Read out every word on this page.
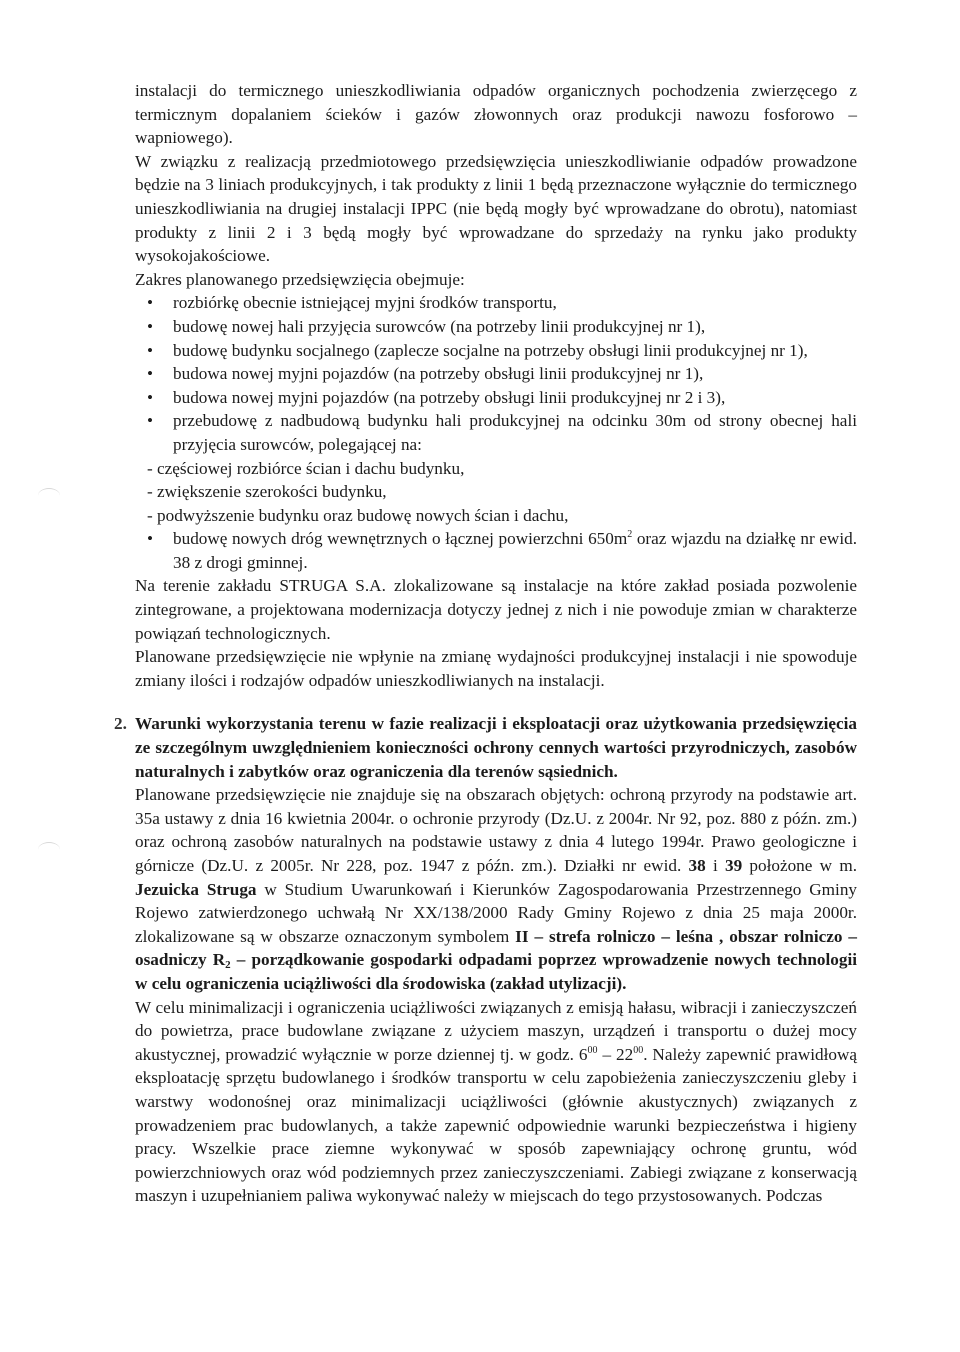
instalacji do termicznego unieszkodliwiania odpadów organicznych pochodzenia zwierzęcego z termicznym dopalaniem ścieków i gazów złowonnych oraz produkcji nawozu fosforowo – wapniowego).

W związku z realizacją przedmiotowego przedsięwzięcia unieszkodliwianie odpadów prowadzone będzie na 3 liniach produkcyjnych, i tak produkty z linii 1 będą przeznaczone wyłącznie do termicznego unieszkodliwiania na drugiej instalacji IPPC (nie będą mogły być wprowadzane do obrotu), natomiast produkty z linii 2 i 3 będą mogły być wprowadzane do sprzedaży na rynku jako produkty wysokojakościowe.

Zakres planowanego przedsięwzięcia obejmuje:

• rozbiórkę obecnie istniejącej myjni środków transportu,
• budowę nowej hali przyjęcia surowców (na potrzeby linii produkcyjnej nr 1),
• budowę budynku socjalnego (zaplecze socjalne na potrzeby obsługi linii produkcyjnej nr 1),
• budowa nowej myjni pojazdów (na potrzeby obsługi linii produkcyjnej nr 1),
• budowa nowej myjni pojazdów (na potrzeby obsługi linii produkcyjnej nr 2 i 3),
• przebudowę z nadbudową budynku hali produkcyjnej na odcinku 30m od strony obecnej hali przyjęcia surowców, polegającej na:

- częściowej rozbiórce ścian i dachu budynku,

- zwiększenie szerokości budynku,

- podwyższenie budynku oraz budowę nowych ścian i dachu,

• budowę nowych dróg wewnętrznych o łącznej powierzchni $650m^2$ oraz wjazdu na działkę nr ewid. 38 z drogi gminnej.

Na terenie zakładu STRUGA S.A. zlokalizowane są instalacje na które zakład posiada pozwolenie zintegrowane, a projektowana modernizacja dotyczy jednej z nich i nie powoduje zmian w charakterze powiązań technologicznych.

Planowane przedsięwzięcie nie wpłynie na zmianę wydajności produkcyjnej instalacji i nie spowoduje zmiany ilości i rodzajów odpadów unieszkodliwianych na instalacji.

2. Warunki wykorzystania terenu w fazie realizacji i eksploatacji oraz użytkowania przedsięwzięcia ze szczególnym uwzględnieniem konieczności ochrony cennych wartości przyrodniczych, zasobów naturalnych i zabytków oraz ograniczenia dla terenów sąsiednich.

Planowane przedsięwzięcie nie znajduje się na obszarach objętych: ochroną przyrody na podstawie art. 35a ustawy z dnia 16 kwietnia 2004r. o ochronie przyrody (Dz.U. z 2004r. Nr 92, poz. 880 z późn. zm.) oraz ochroną zasobów naturalnych na podstawie ustawy z dnia 4 lutego 1994r. Prawo geologiczne i górnicze (Dz.U. z 2005r. Nr 228, poz. 1947 z późn. zm.). Działki nr ewid. 38 i 39 położone w m. Jezuicka Struga w Studium Uwarunkowań i Kierunków Zagospodarowania Przestrzennego Gminy Rojewo zatwierdzonego uchwałą Nr XX/138/2000 Rady Gminy Rojewo z dnia 25 maja 2000r. zlokalizowane są w obszarze oznaczonym symbolem II – strefa rolniczo – leśna , obszar rolniczo – osadniczy $R_2$ – porządkowanie gospodarki odpadami poprzez wprowadzenie nowych technologii w celu ograniczenia uciążliwości dla środowiska (zakład utylizacji).

W celu minimalizacji i ograniczenia uciążliwości związanych z emisją hałasu, wibracji i zanieczyszczeń do powietrza, prace budowlane związane z użyciem maszyn, urządzeń i transportu o dużej mocy akustycznej, prowadzić wyłącznie w porze dziennej tj. w godz. $6^{00} - 22^{00}$. Należy zapewnić prawidłową eksploatację sprzętu budowlanego i środków transportu w celu zapobieżenia zanieczyszczeniu gleby i warstwy wodonośnej oraz minimalizacji uciążliwości (głównie akustycznych) związanych z prowadzeniem prac budowlanych, a także zapewnić odpowiednie warunki bezpieczeństwa i higieny pracy. Wszelkie prace ziemne wykonywać w sposób zapewniający ochronę gruntu, wód powierzchniowych oraz wód podziemnych przez zanieczyszczeniami. Zabiegi związane z konserwacją maszyn i uzupełnianiem paliwa wykonywać należy w miejscach do tego przystosowanych. Podczas
